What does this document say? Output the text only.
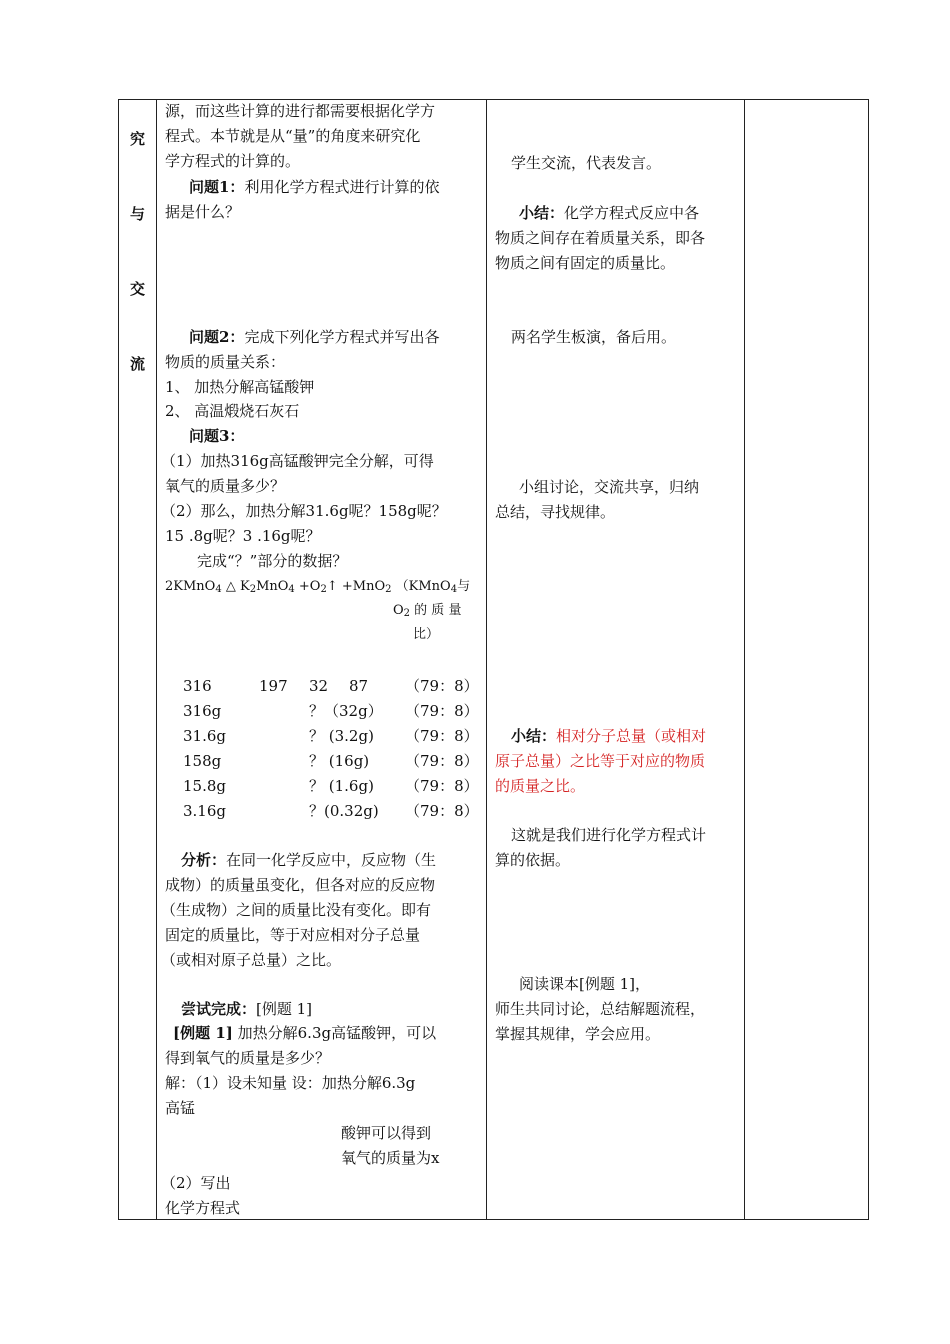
究
与
交
流
源，而这些计算的进行都需要根据化学方
程式。本节就是从“量”的角度来研究化
学方程式的计算的。
问题1：利用化学方程式进行计算的依
据是什么？
问题2：完成下列化学方程式并写出各
物质的质量关系：
1、 加热分解高锰酸钾
2、 高温煅烧石灰石
问题3：
（1）加热316g高锰酸钾完全分解，可得
氧气的质量多少？
（2）那么，加热分解31.6g呢？158g呢？
15 .8g呢？3 .16g呢？
完成“？”部分的数据？
2KMnO$_4$ △ $K_2MnO_4$ $+O_2↑ +MnO_2$ （KMnO$_4$与
$O_2$ 的 质 量
比）
316	197 32 87 （79：8）
316g	？（32g） （79：8）
31.6g	？ (3.2g) （79：8）
158g	？ (16g) （79：8）
15.8g	？ (1.6g) （79：8）
3.16g	？(0.32g) （79：8）
分析：在同一化学反应中，反应物（生
成物）的质量虽变化，但各对应的反应物
（生成物）之间的质量比没有变化。即有
固定的质量比，等于对应相对分子总量
（或相对原子总量）之比。
尝试完成：[例题 1]
[例题 1] 加热分解6.3g高锰酸钾，可以
得到氧气的质量是多少？
解：（1）设未知量 设：加热分解6.3g
高锰
酸钾可以得到
氧气的质量为x
（2）写出
化学方程式
学生交流，代表发言。
小结：化学方程式反应中各
物质之间存在着质量关系，即各
物质之间有固定的质量比。
两名学生板演，备后用。
小组讨论，交流共享，归纳
总结，寻找规律。
小结：相对分子总量（或相对
原子总量）之比等于对应的物质
的质量之比。
这就是我们进行化学方程式计
算的依据。
阅读课本[例题 1]，
师生共同讨论，总结解题流程，
掌握其规律，学会应用。
